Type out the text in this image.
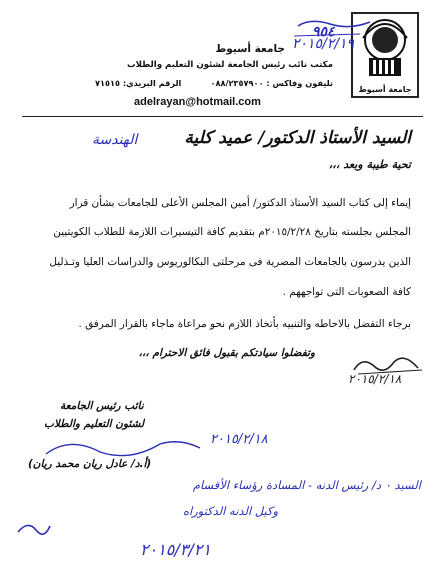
جامعة أسيوط
٩٥٤
٢٠١٥/٢/١٩
جامعة أسيوط
مكتب نائب رئيس الجامعة لشئون التعليم والطلاب
تليفون وفاكس : ٠٨٨/٢٣٥٧٩٠٠
الرقم البريدي: ٧١٥١٥
adelrayan@hotmail.com
السيد الأستاذ الدكتور/ عميد كلية
الهندسة
تحية طيبة وبعد ،،،
إيماء إلى كتاب السيد الأستاذ الدكتور/ أمين المجلس الأعلى للجامعات بشأن قرار
المجلس بجلسته بتاريخ ٢٠١٥/٢/٢٨م بتقديم كافة التيسيرات اللازمة للطلاب الكويتيين
الذين يدرسون بالجامعات المصرية فى مرحلتى البكالوريوس والدراسات العليا وتـذليل
كافة الصعوبات التى تواجههم .
برجاء التفضل بالاحاطه والتنبيه بأتخاذ اللازم نحو مراعاة ماجاء بالقرار المرفق .
وتفضلوا سيادتكم بقبول فائق الاحترام ،،،
٢٠١٥/٢/١٨
نائب رئيس الجامعة
لشئون التعليم والطلاب
٢٠١٥/٢/١٨
(أ.د/ عادل ريان محمد ريان)
السيد ٠ د/ رئيس الدنه - المسادة رؤساء الأقسام
وكيل الدنه الدكتوراه
٢٠١٥/٣/٢١
